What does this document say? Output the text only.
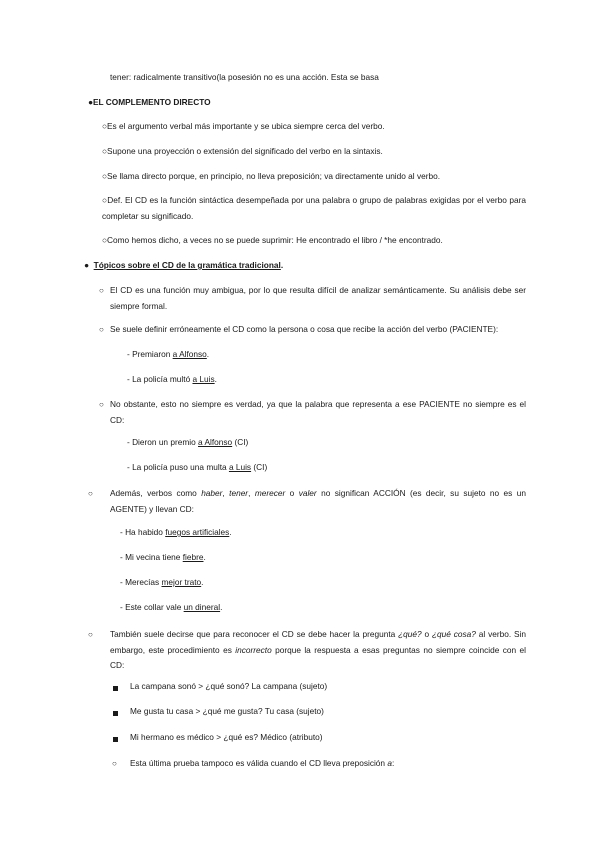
tener: radicalmente transitivo(la posesión no es una acción. Esta se basa
●EL COMPLEMENTO DIRECTO
○Es el argumento verbal más importante y se ubica siempre cerca del verbo.
○Supone una proyección o extensión del significado del verbo en la sintaxis.
○Se llama directo porque, en principio, no lleva preposición; va directamente unido al verbo.
○Def. El CD es la función sintáctica desempeñada por una palabra o grupo de palabras exigidas por el verbo para completar su significado.
○Como hemos dicho, a veces no se puede suprimir: He encontrado el libro / *he encontrado.
● Tópicos sobre el CD de la gramática tradicional.
○ El CD es una función muy ambigua, por lo que resulta difícil de analizar semánticamente. Su análisis debe ser siempre formal.
○ Se suele definir erróneamente el CD como la persona o cosa que recibe la acción del verbo (PACIENTE):
- Premiaron a Alfonso.
- La policía multó a Luis.
○ No obstante, esto no siempre es verdad, ya que la palabra que representa a ese PACIENTE no siempre es el CD:
- Dieron un premio a Alfonso (CI)
- La policía puso una multa a Luis (CI)
○ Además, verbos como haber, tener, merecer o valer no significan ACCIÓN (es decir, su sujeto no es un AGENTE) y llevan CD:
- Ha habido fuegos artificiales.
- Mi vecina tiene fiebre.
- Merecías mejor trato.
- Este collar vale un dineral.
○ También suele decirse que para reconocer el CD se debe hacer la pregunta ¿qué? o ¿qué cosa? al verbo. Sin embargo, este procedimiento es incorrecto porque la respuesta a esas preguntas no siempre coincide con el CD:
La campana sonó > ¿qué sonó? La campana (sujeto)
Me gusta tu casa > ¿qué me gusta? Tu casa (sujeto)
Mi hermano es médico > ¿qué es? Médico (atributo)
○ Esta última prueba tampoco es válida cuando el CD lleva preposición a:
